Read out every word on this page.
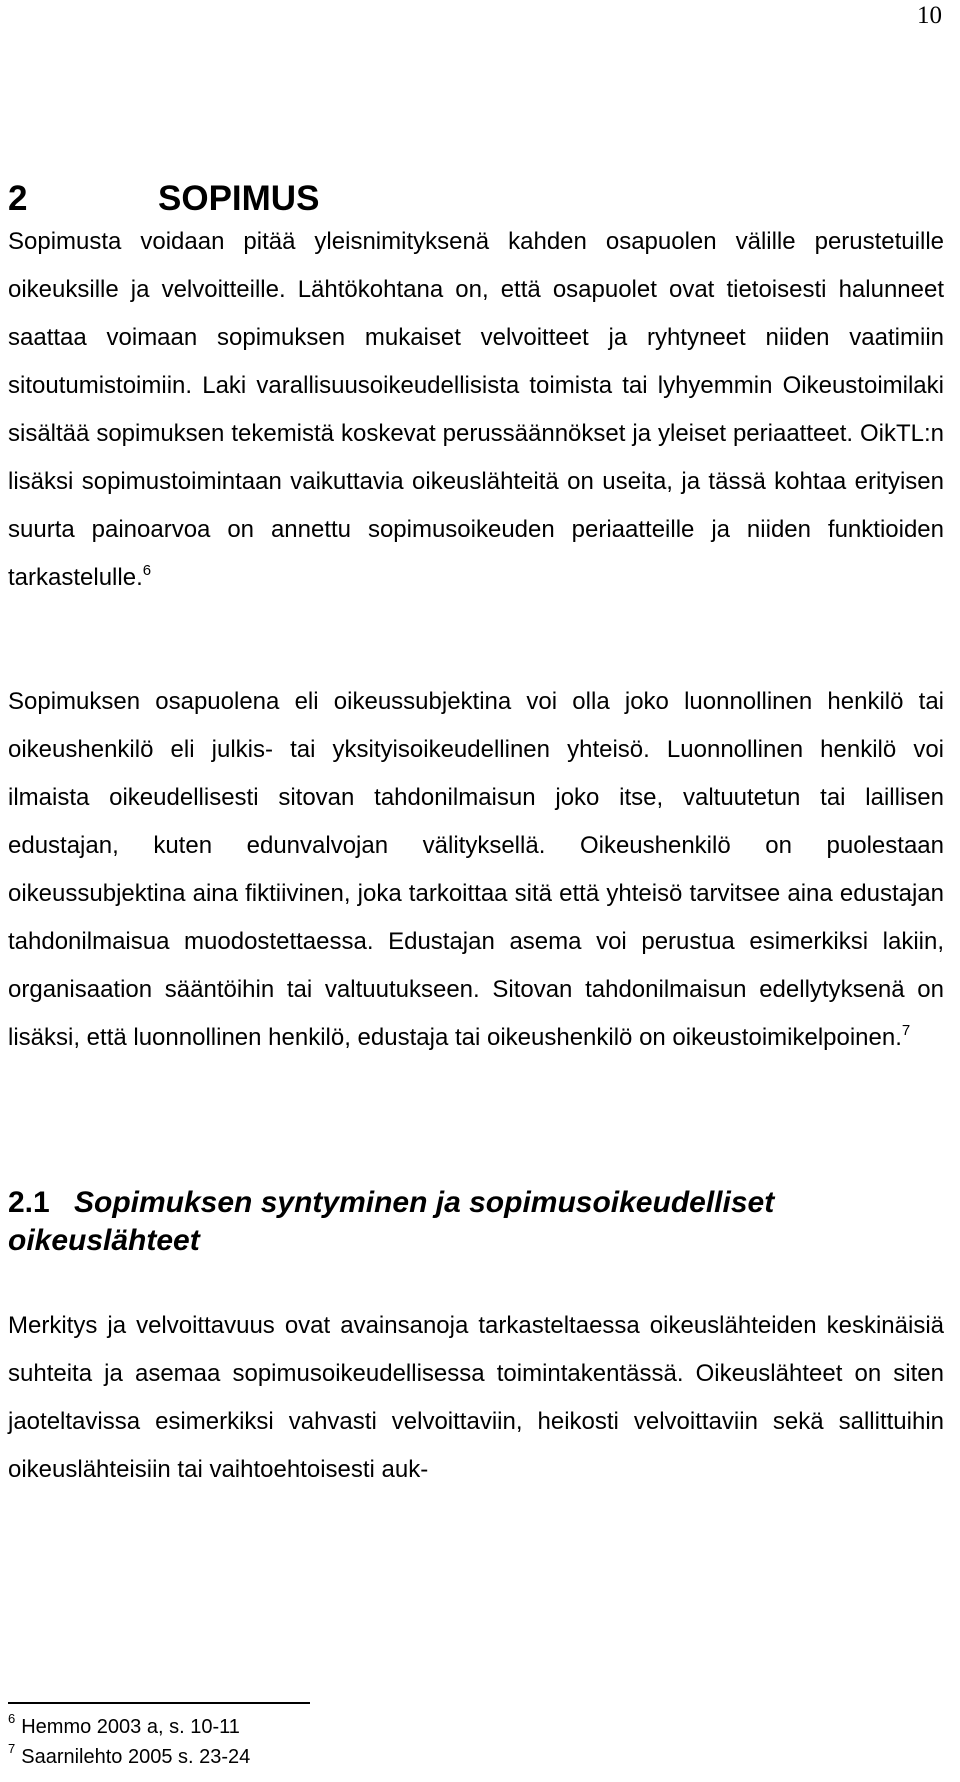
10
2	SOPIMUS

Sopimusta voidaan pitää yleisnimityksenä kahden osapuolen välille perustetuille oikeuksille ja velvoitteille. Lähtökohtana on, että osapuolet ovat tietoisesti halunneet saattaa voimaan sopimuksen mukaiset velvoitteet ja ryhtyneet niiden vaatimiin sitoutumistoimiin. Laki varallisuusoikeudellisista toimista tai lyhyemmin Oikeustoimilaki sisältää sopimuksen tekemistä koskevat perussäännökset ja yleiset periaatteet. OikTL:n lisäksi sopimustoimintaan vaikuttavia oikeuslähteitä on useita, ja tässä kohtaa erityisen suurta painoarvoa on annettu sopimusoikeuden periaatteille ja niiden funktioiden tarkastelulle.$^6$

Sopimuksen osapuolena eli oikeussubjektina voi olla joko luonnollinen henkilö tai oikeushenkilö eli julkis- tai yksityisoikeudellinen yhteisö. Luonnollinen henkilö voi ilmaista oikeudellisesti sitovan tahdonilmaisun joko itse, valtuutetun tai laillisen edustajan, kuten edunvalvojan välityksellä. Oikeushenkilö on puolestaan oikeussubjektina aina fiktiivinen, joka tarkoittaa sitä että yhteisö tarvitsee aina edustajan tahdonilmaisua muodostettaessa. Edustajan asema voi perustua esimerkiksi lakiin, organisaation sääntöihin tai valtuutukseen. Sitovan tahdonilmaisun edellytyksenä on lisäksi, että luonnollinen henkilö, edustaja tai oikeushenkilö on oikeustoimikelpoinen.$^7$

2.1 Sopimuksen syntyminen ja sopimusoikeudelliset oikeuslähteet

Merkitys ja velvoittavuus ovat avainsanoja tarkasteltaessa oikeuslähteiden keskinäisiä suhteita ja asemaa sopimusoikeudellisessa toimintakentässä. Oikeuslähteet on siten jaoteltavissa esimerkiksi vahvasti velvoittaviin, heikosti velvoittaviin sekä sallittuihin oikeuslähteisiin tai vaihtoehtoisesti auk-

$^6$ Hemmo 2003 a, s. 10-11
$^7$ Saarnilehto 2005 s. 23-24
